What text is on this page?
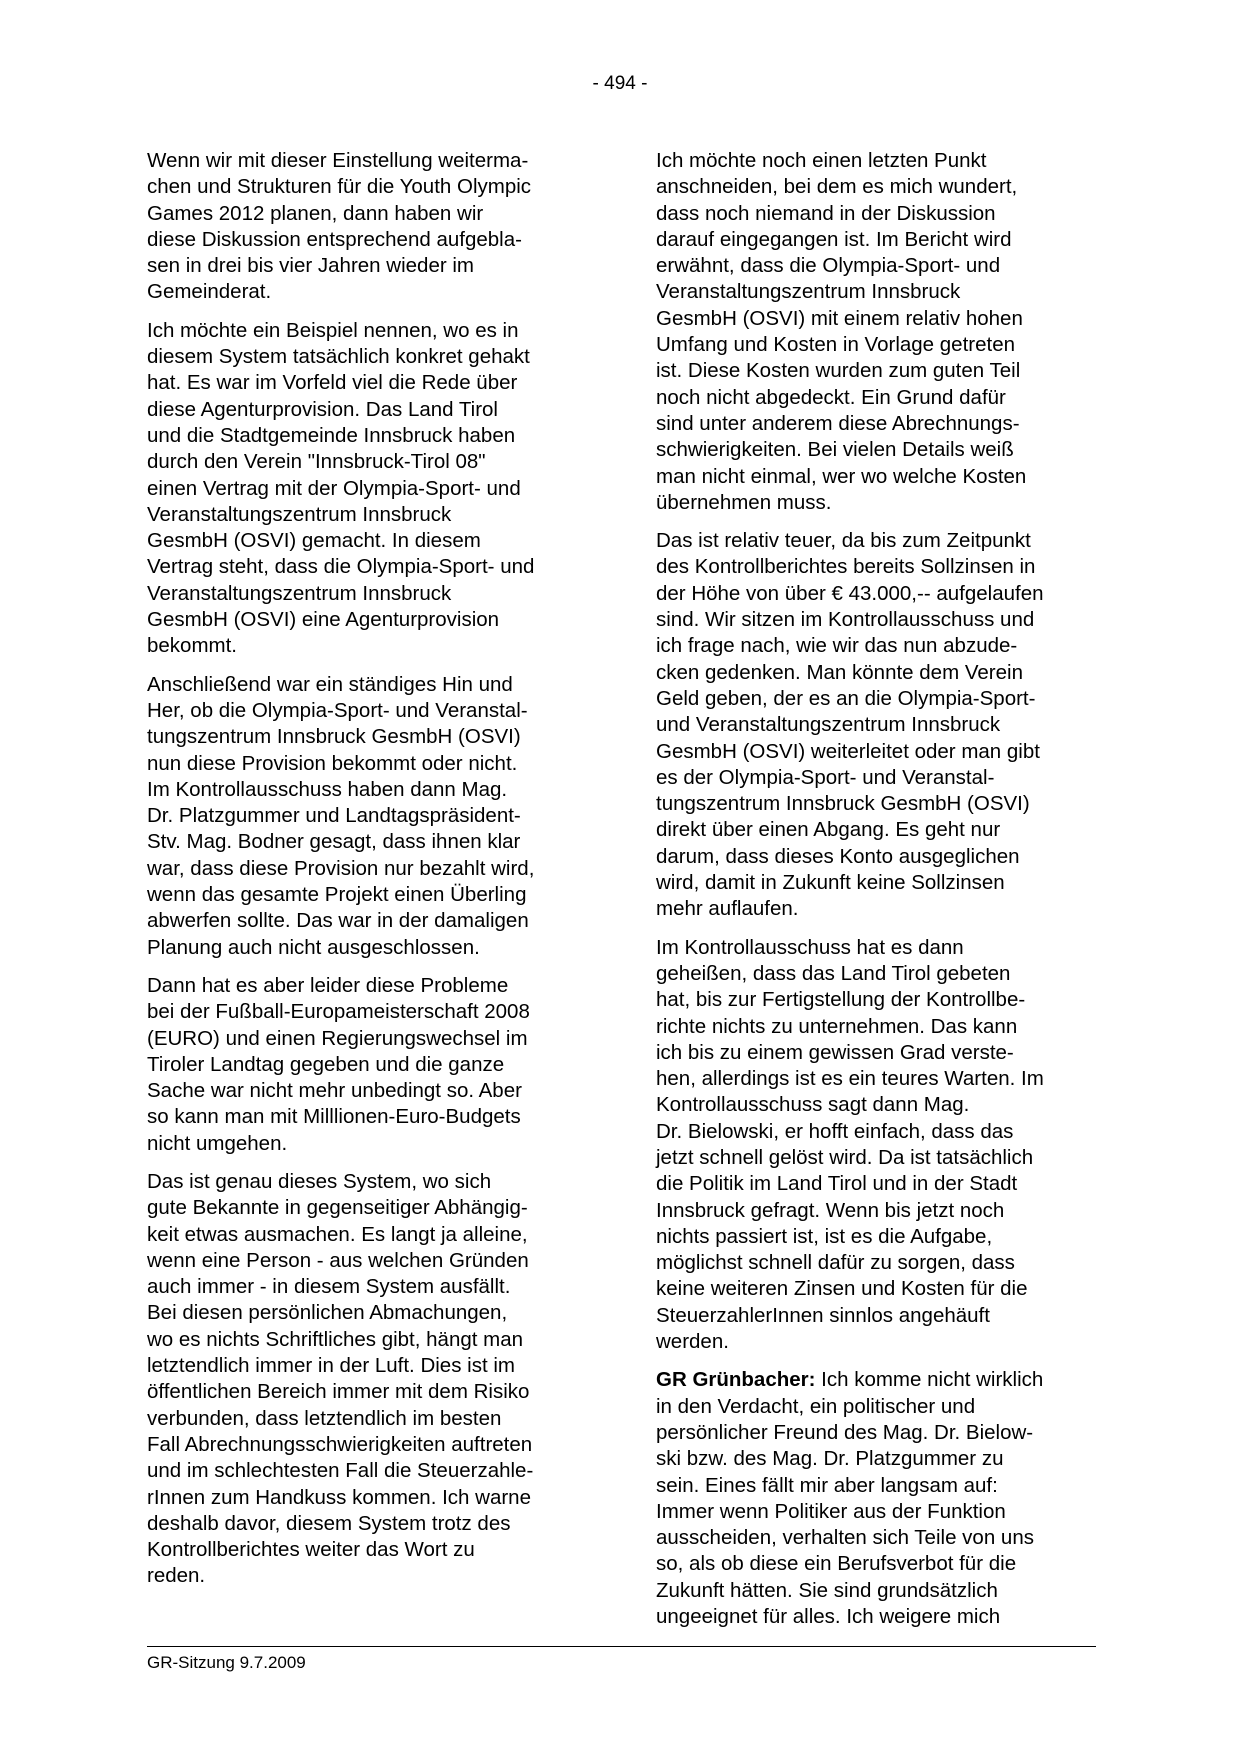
- 494 -

Wenn wir mit dieser Einstellung weiterma-
chen und Strukturen für die Youth Olympic
Games 2012 planen, dann haben wir
diese Diskussion entsprechend aufgebla-
sen in drei bis vier Jahren wieder im
Gemeinderat.

Ich möchte ein Beispiel nennen, wo es in
diesem System tatsächlich konkret gehakt
hat. Es war im Vorfeld viel die Rede über
diese Agenturprovision. Das Land Tirol
und die Stadtgemeinde Innsbruck haben
durch den Verein "Innsbruck-Tirol 08"
einen Vertrag mit der Olympia-Sport- und
Veranstaltungszentrum Innsbruck
GesmbH (OSVI) gemacht. In diesem
Vertrag steht, dass die Olympia-Sport- und
Veranstaltungszentrum Innsbruck
GesmbH (OSVI) eine Agenturprovision
bekommt.

Anschließend war ein ständiges Hin und
Her, ob die Olympia-Sport- und Veranstal-
tungszentrum Innsbruck GesmbH (OSVI)
nun diese Provision bekommt oder nicht.
Im Kontrollausschuss haben dann Mag.
Dr. Platzgummer und Landtagspräsident-
Stv. Mag. Bodner gesagt, dass ihnen klar
war, dass diese Provision nur bezahlt wird,
wenn das gesamte Projekt einen Überling
abwerfen sollte. Das war in der damaligen
Planung auch nicht ausgeschlossen.

Dann hat es aber leider diese Probleme
bei der Fußball-Europameisterschaft 2008
(EURO) und einen Regierungswechsel im
Tiroler Landtag gegeben und die ganze
Sache war nicht mehr unbedingt so. Aber
so kann man mit Milllionen-Euro-Budgets
nicht umgehen.

Das ist genau dieses System, wo sich
gute Bekannte in gegenseitiger Abhängig-
keit etwas ausmachen. Es langt ja alleine,
wenn eine Person - aus welchen Gründen
auch immer - in diesem System ausfällt.
Bei diesen persönlichen Abmachungen,
wo es nichts Schriftliches gibt, hängt man
letztendlich immer in der Luft. Dies ist im
öffentlichen Bereich immer mit dem Risiko
verbunden, dass letztendlich im besten
Fall Abrechnungsschwierigkeiten auftreten
und im schlechtesten Fall die Steuerzahle-
rInnen zum Handkuss kommen. Ich warne
deshalb davor, diesem System trotz des
Kontrollberichtes weiter das Wort zu
reden.

Ich möchte noch einen letzten Punkt
anschneiden, bei dem es mich wundert,
dass noch niemand in der Diskussion
darauf eingegangen ist. Im Bericht wird
erwähnt, dass die Olympia-Sport- und
Veranstaltungszentrum Innsbruck
GesmbH (OSVI) mit einem relativ hohen
Umfang und Kosten in Vorlage getreten
ist. Diese Kosten wurden zum guten Teil
noch nicht abgedeckt. Ein Grund dafür
sind unter anderem diese Abrechnungs-
schwierigkeiten. Bei vielen Details weiß
man nicht einmal, wer wo welche Kosten
übernehmen muss.

Das ist relativ teuer, da bis zum Zeitpunkt
des Kontrollberichtes bereits Sollzinsen in
der Höhe von über € 43.000,-- aufgelaufen
sind. Wir sitzen im Kontrollausschuss und
ich frage nach, wie wir das nun abzude-
cken gedenken. Man könnte dem Verein
Geld geben, der es an die Olympia-Sport-
und Veranstaltungszentrum Innsbruck
GesmbH (OSVI) weiterleitet oder man gibt
es der Olympia-Sport- und Veranstal-
tungszentrum Innsbruck GesmbH (OSVI)
direkt über einen Abgang. Es geht nur
darum, dass dieses Konto ausgeglichen
wird, damit in Zukunft keine Sollzinsen
mehr auflaufen.

Im Kontrollausschuss hat es dann
geheißen, dass das Land Tirol gebeten
hat, bis zur Fertigstellung der Kontrollbe-
richte nichts zu unternehmen. Das kann
ich bis zu einem gewissen Grad verste-
hen, allerdings ist es ein teures Warten. Im
Kontrollausschuss sagt dann Mag.
Dr. Bielowski, er hofft einfach, dass das
jetzt schnell gelöst wird. Da ist tatsächlich
die Politik im Land Tirol und in der Stadt
Innsbruck gefragt. Wenn bis jetzt noch
nichts passiert ist, ist es die Aufgabe,
möglichst schnell dafür zu sorgen, dass
keine weiteren Zinsen und Kosten für die
SteuerzahlerInnen sinnlos angehäuft
werden.

GR Grünbacher: Ich komme nicht wirklich
in den Verdacht, ein politischer und
persönlicher Freund des Mag. Dr. Bielow-
ski bzw. des Mag. Dr. Platzgummer zu
sein. Eines fällt mir aber langsam auf:
Immer wenn Politiker aus der Funktion
ausscheiden, verhalten sich Teile von uns
so, als ob diese ein Berufsverbot für die
Zukunft hätten. Sie sind grundsätzlich
ungeeignet für alles. Ich weigere mich

GR-Sitzung 9.7.2009
